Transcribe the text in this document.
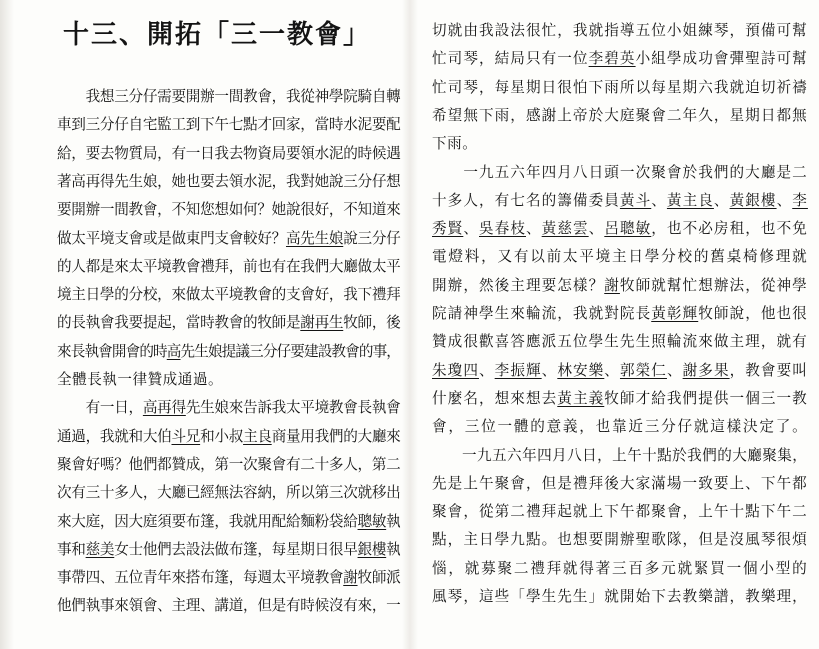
十三、開拓「三一教會」
　　我想三分仔需要開辦一間教會，我從神學院騎自轉
車到三分仔自宅監工到下午七點才回家，當時水泥要配
給，要去物質局，有一日我去物資局要領水泥的時候遇
著高再得先生娘，她也要去領水泥，我對她說三分仔想
要開辦一間教會，不知您想如何？她說很好，不知道來
做太平境支會或是做東門支會較好？高先生娘說三分仔
的人都是來太平境教會禮拜，前也有在我們大廳做太平
境主日學的分校，來做太平境教會的支會好，我下禮拜
的長執會我要提起，當時教會的牧師是謝再生牧師，後
來長執會開會的時高先生娘提議三分仔要建設教會的事，
全體長執一律贊成通過。
　　有一日，高再得先生娘來告訴我太平境教會長執會
通過，我就和大伯斗兄和小叔主良商量用我們的大廳來
聚會好嗎？他們都贊成，第一次聚會有二十多人，第二
次有三十多人，大廳已經無法容納，所以第三次就移出
來大庭，因大庭須要布篷，我就用配給麵粉袋給聰敏執
事和慈美女士他們去設法做布篷，每星期日很早銀樓執
事帶四、五位青年來搭布篷，每週太平境教會謝牧師派
他們執事來領會、主理、講道，但是有時候沒有來，一
切就由我設法很忙，我就指導五位小姐練琴，預備可幫
忙司琴，結局只有一位李碧英小組學成功會彈聖詩可幫
忙司琴，每星期日很怕下雨所以每星期六我就迫切祈禱
希望無下雨，感謝上帝於大庭聚會二年久，星期日都無
下雨。
　　一九五六年四月八日頭一次聚會於我們的大廳是二
十多人，有七名的籌備委員黃斗、黃主良、黃銀樓、李
秀賢、吳春枝、黃慈雲、呂聰敏，也不必房租，也不免
電燈料，又有以前太平境主日學分校的舊桌椅修理就
開辦，然後主理要怎樣？謝牧師就幫忙想辦法，從神學
院請神學生來輪流，我就對院長黃彰輝牧師說，他也很
贊成很歡喜答應派五位學生先生照輪流來做主理，就有
朱瓊四、李振輝、林安樂、郭榮仁、謝多果，教會要叫
什麼名，想來想去黃主義牧師才給我們提供一個三一教
會，三位一體的意義，也靠近三分仔就這樣決定了。
　　一九五六年四月八日，上午十點於我們的大廳聚集，
先是上午聚會，但是禮拜後大家滿場一致要上、下午都
聚會，從第二禮拜起就上下午都聚會，上午十點下午二
點，主日學九點。也想要開辦聖歌隊，但是沒風琴很煩
惱，就募聚二禮拜就得著三百多元就緊買一個小型的
風琴，這些「學生先生」就開始下去教樂譜，教樂理，
